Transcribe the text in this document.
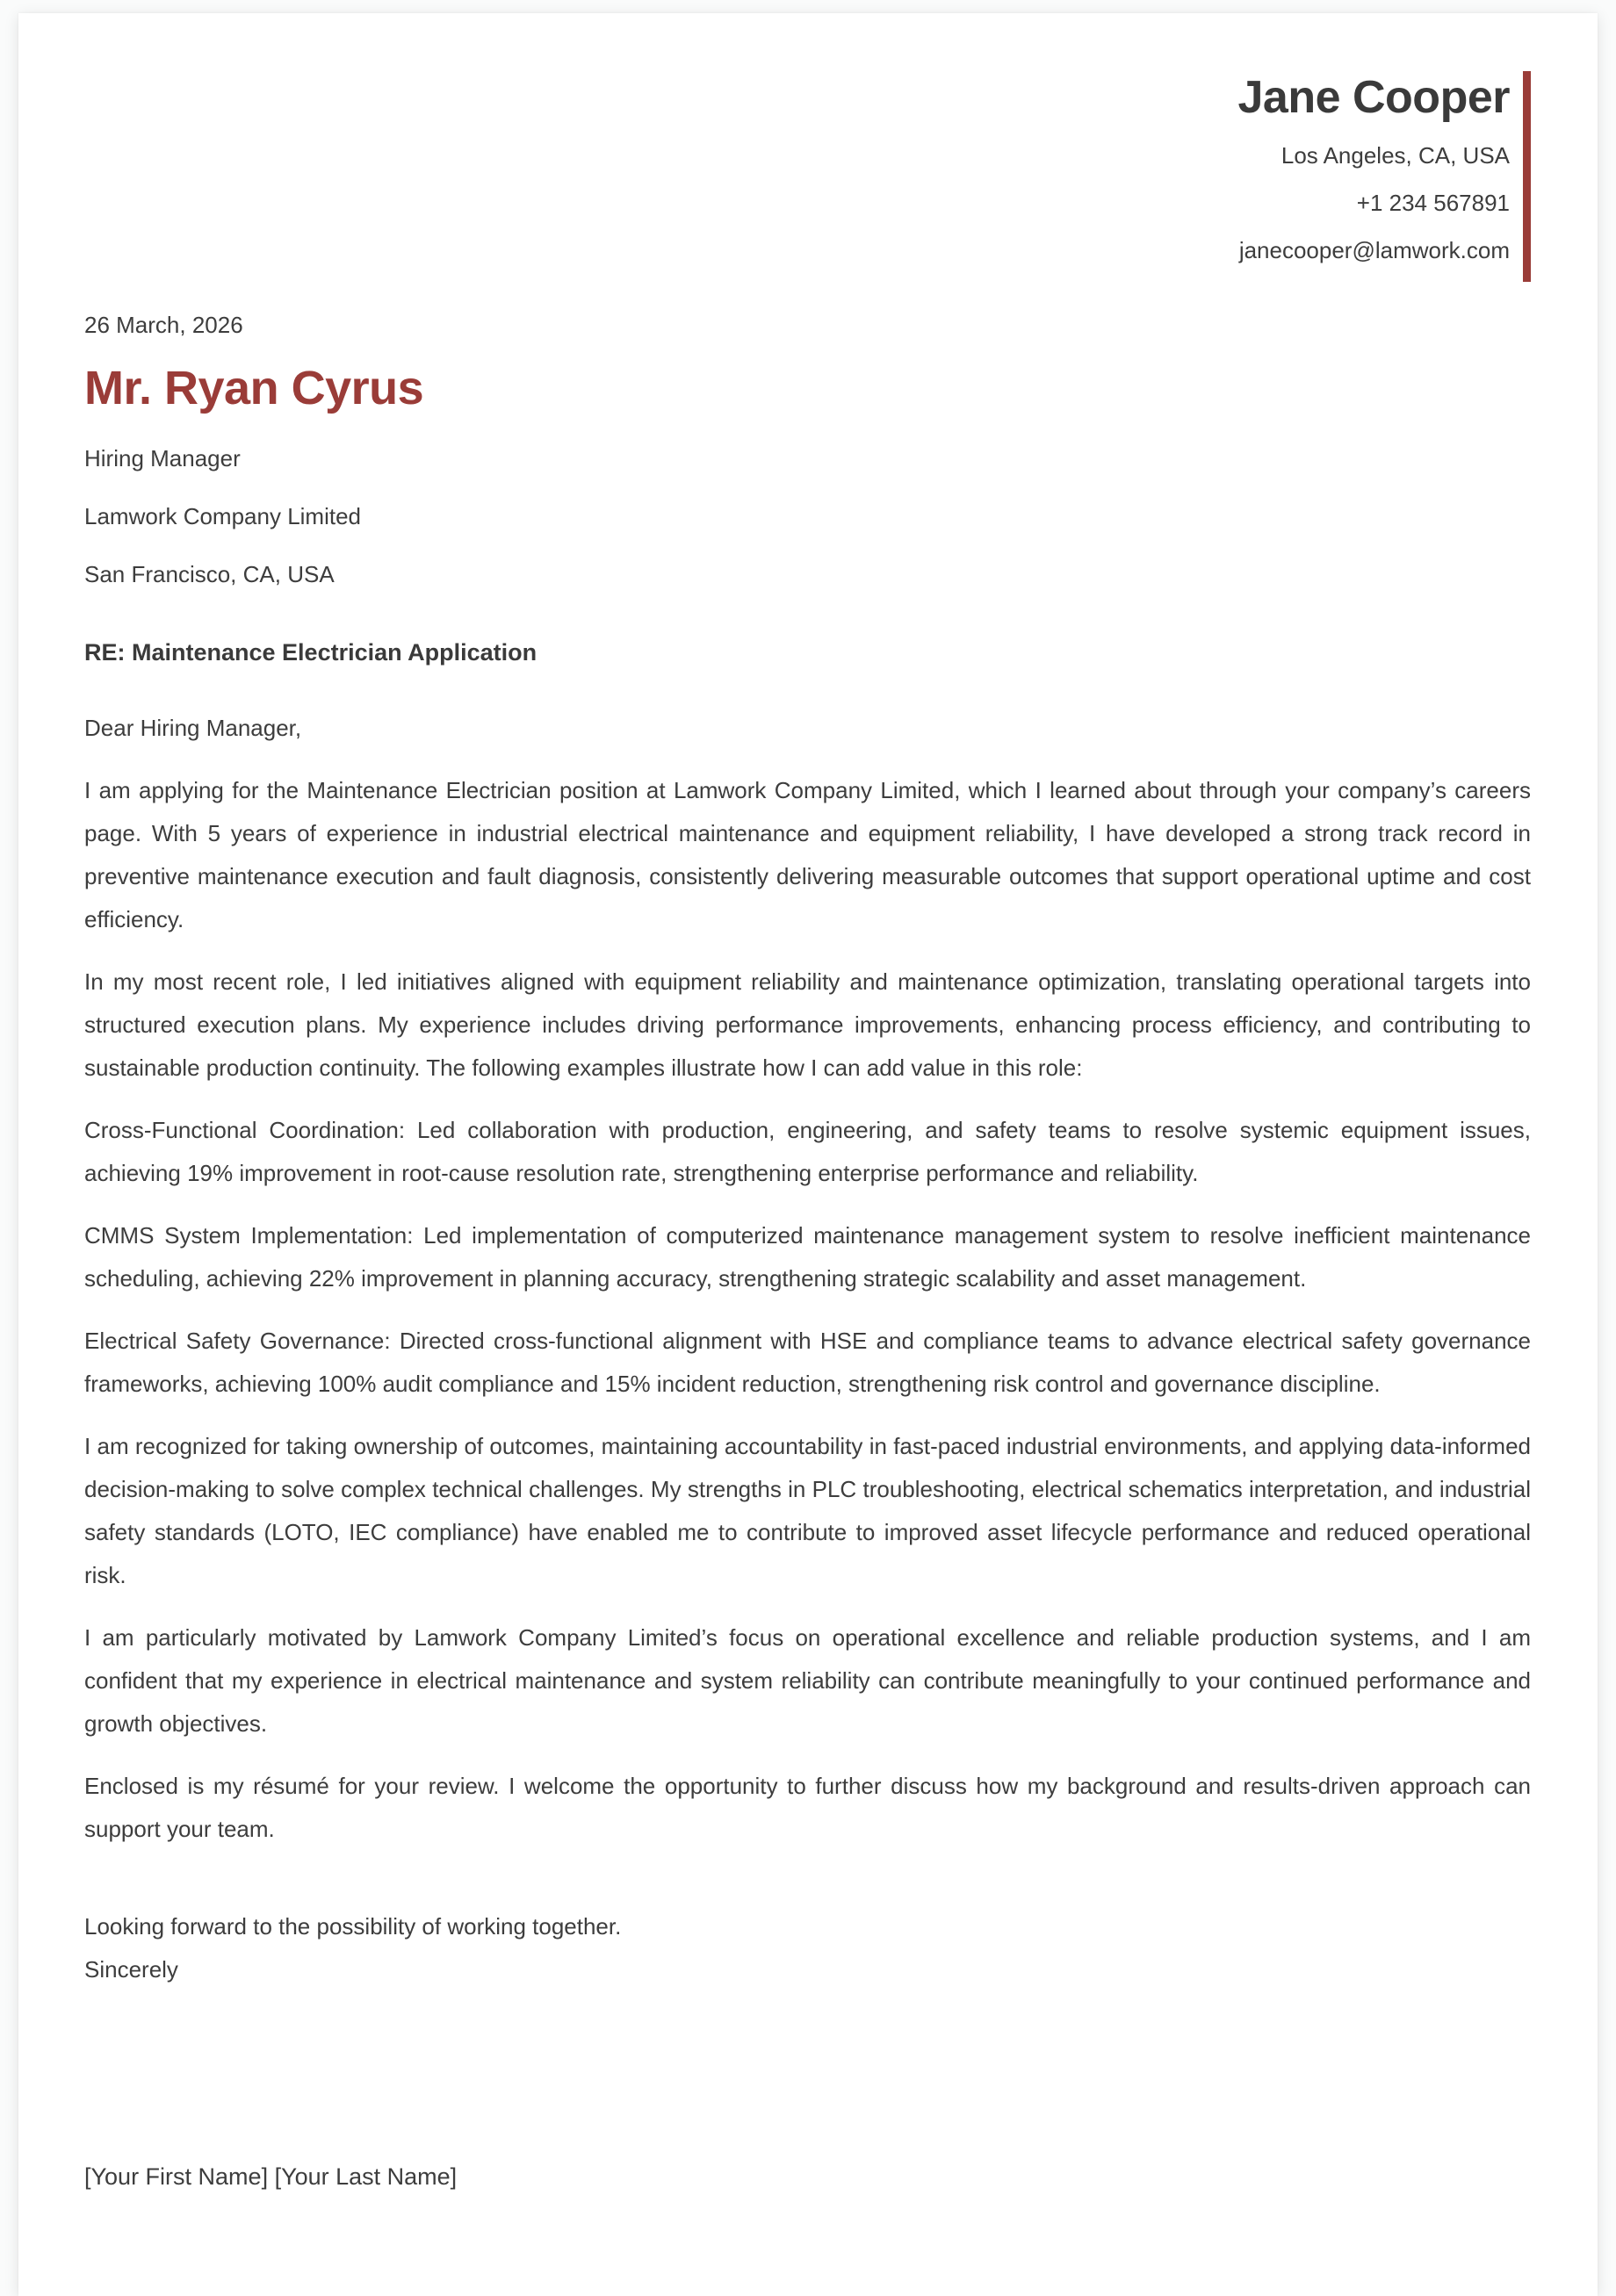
Jane Cooper
Los Angeles, CA, USA
+1 234 567891
janecooper@lamwork.com
26 March, 2026
Mr. Ryan Cyrus
Hiring Manager
Lamwork Company Limited
San Francisco, CA, USA
RE: Maintenance Electrician Application
Dear Hiring Manager,

I am applying for the Maintenance Electrician position at Lamwork Company Limited, which I learned about through your company’s careers page. With 5 years of experience in industrial electrical maintenance and equipment reliability, I have developed a strong track record in preventive maintenance execution and fault diagnosis, consistently delivering measurable outcomes that support operational uptime and cost efficiency.

In my most recent role, I led initiatives aligned with equipment reliability and maintenance optimization, translating operational targets into structured execution plans. My experience includes driving performance improvements, enhancing process efficiency, and contributing to sustainable production continuity. The following examples illustrate how I can add value in this role:

Cross-Functional Coordination: Led collaboration with production, engineering, and safety teams to resolve systemic equipment issues, achieving 19% improvement in root-cause resolution rate, strengthening enterprise performance and reliability.

CMMS System Implementation: Led implementation of computerized maintenance management system to resolve inefficient maintenance scheduling, achieving 22% improvement in planning accuracy, strengthening strategic scalability and asset management.

Electrical Safety Governance: Directed cross-functional alignment with HSE and compliance teams to advance electrical safety governance frameworks, achieving 100% audit compliance and 15% incident reduction, strengthening risk control and governance discipline.

I am recognized for taking ownership of outcomes, maintaining accountability in fast-paced industrial environments, and applying data-informed decision-making to solve complex technical challenges. My strengths in PLC troubleshooting, electrical schematics interpretation, and industrial safety standards (LOTO, IEC compliance) have enabled me to contribute to improved asset lifecycle performance and reduced operational risk.

I am particularly motivated by Lamwork Company Limited’s focus on operational excellence and reliable production systems, and I am confident that my experience in electrical maintenance and system reliability can contribute meaningfully to your continued performance and growth objectives.

Enclosed is my résumé for your review. I welcome the opportunity to further discuss how my background and results-driven approach can support your team.

Looking forward to the possibility of working together.
Sincerely
[Your First Name] [Your Last Name]
